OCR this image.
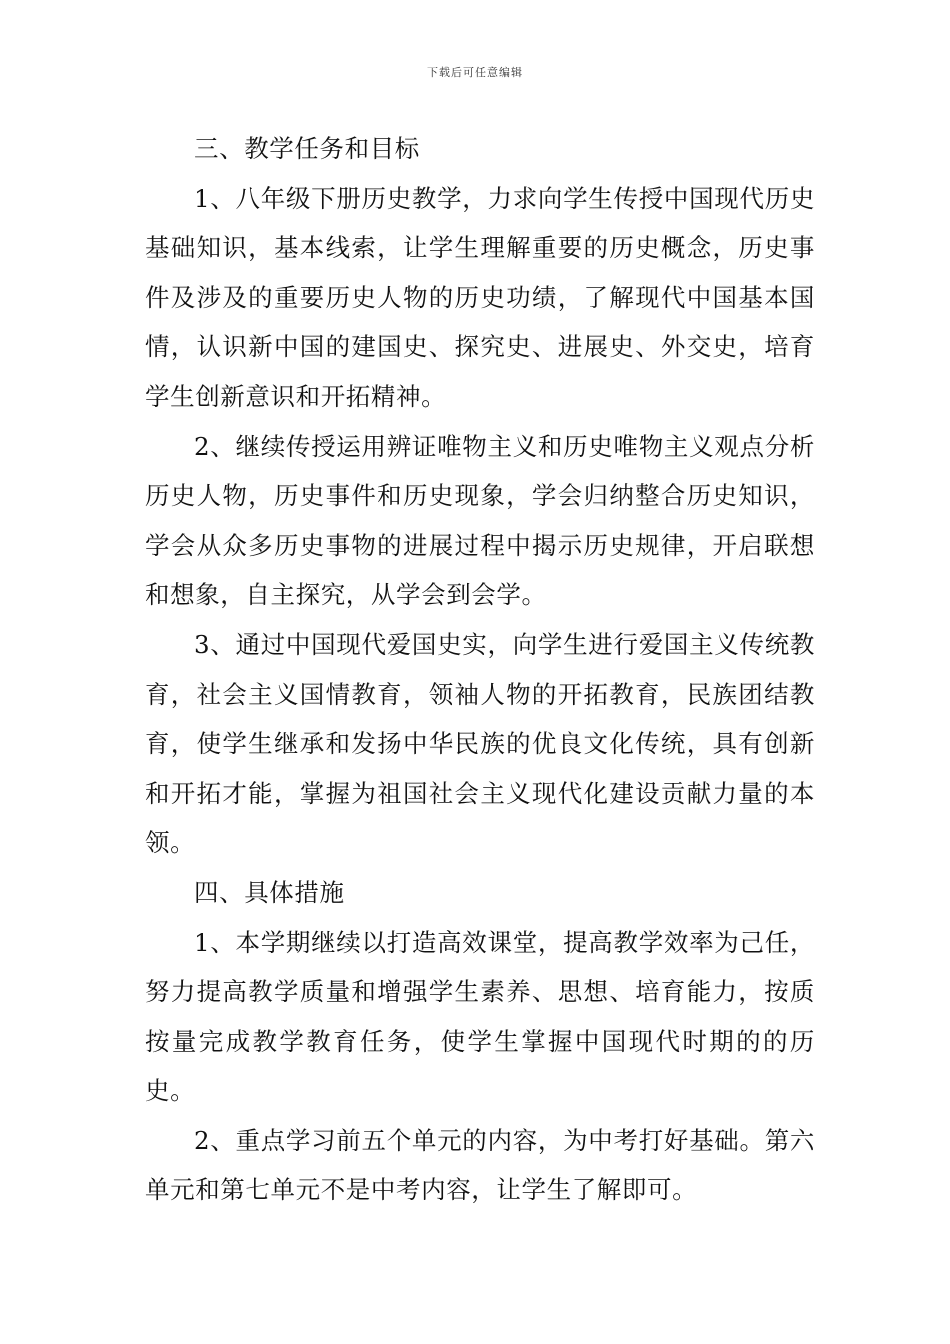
下载后可任意编辑

三、教学任务和目标

1、八年级下册历史教学，力求向学生传授中国现代历史基础知识，基本线索，让学生理解重要的历史概念，历史事件及涉及的重要历史人物的历史功绩，了解现代中国基本国情，认识新中国的建国史、探究史、进展史、外交史，培育学生创新意识和开拓精神。

2、继续传授运用辨证唯物主义和历史唯物主义观点分析历史人物，历史事件和历史现象，学会归纳整合历史知识，学会从众多历史事物的进展过程中揭示历史规律，开启联想和想象，自主探究，从学会到会学。

3、通过中国现代爱国史实，向学生进行爱国主义传统教育，社会主义国情教育，领袖人物的开拓教育，民族团结教育，使学生继承和发扬中华民族的优良文化传统，具有创新和开拓才能，掌握为祖国社会主义现代化建设贡献力量的本领。

四、具体措施

1、本学期继续以打造高效课堂，提高教学效率为己任，努力提高教学质量和增强学生素养、思想、培育能力，按质按量完成教学教育任务，使学生掌握中国现代时期的的历史。

2、重点学习前五个单元的内容，为中考打好基础。第六单元和第七单元不是中考内容，让学生了解即可。
